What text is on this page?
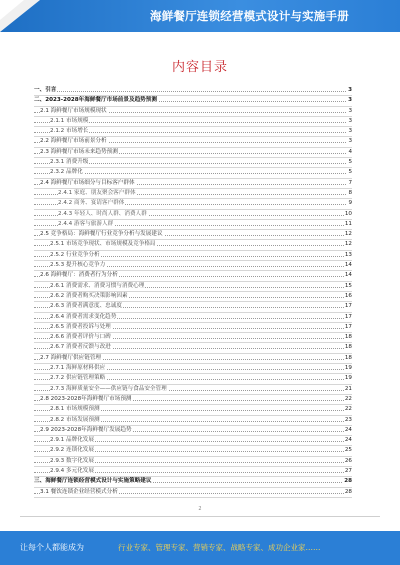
海鲜餐厅连锁经营模式设计与实施手册
内容目录
一、引言	3
二、2023-2028年海鲜餐厅市场前景及趋势预测	3
2.1 海鲜餐厅市场规模现状	3
2.1.1 市场规模	3
2.1.2 市场增长	3
2.2 海鲜餐厅市场前景分析	3
2.3 海鲜餐厅市场未来趋势预测	4
2.3.1 消费升级	5
2.3.2 品牌化	5
2.4 海鲜餐厅市场细分与目标客户群体	7
2.4.1 家庭、朋友聚会客户群体	8
2.4.2 商务、宴请客户群体	9
2.4.3 年轻人、时尚人群、消费人群	10
2.4.4 游客与旅游人群	11
2.5 竞争格局：海鲜餐厅行业竞争分析与发展建议	12
2.5.1 市场竞争现状、市场规模及竞争格局	12
2.5.2 行业竞争分析	13
2.5.3 提升核心竞争力	14
2.6 海鲜餐厅：消费者行为分析	14
2.6.1 消费需求、消费习惯与消费心理	15
2.6.2 消费者购买决策影响因素	16
2.6.3 消费者满意度、忠诚度	17
2.6.4 消费者需求变化趋势	17
2.6.5 消费者投诉与处理	17
2.6.6 消费者评价与口碑	18
2.6.7 消费者反馈与改进	18
2.7 海鲜餐厅供应链管理	18
2.7.1 海鲜原材料供应	19
2.7.2 供应链管理策略	19
2.7.3 海鲜质量安全——供应链与食品安全管理	21
2.8 2023-2028年海鲜餐厅市场预测	22
2.8.1 市场规模预测	22
2.8.2 市场发展预测	23
2.9 2023-2028年海鲜餐厅发展趋势	24
2.9.1 品牌化发展	24
2.9.2 连锁化发展	25
2.9.3 数字化发展	26
2.9.4 多元化发展	27
三、海鲜餐厅连锁经营模式设计与实施策略建议	28
3.1 餐饮连锁企业经营模式分析	28
2
让每个人都能成为	行业专家、管理专家、营销专家、战略专家、成功企业家……
